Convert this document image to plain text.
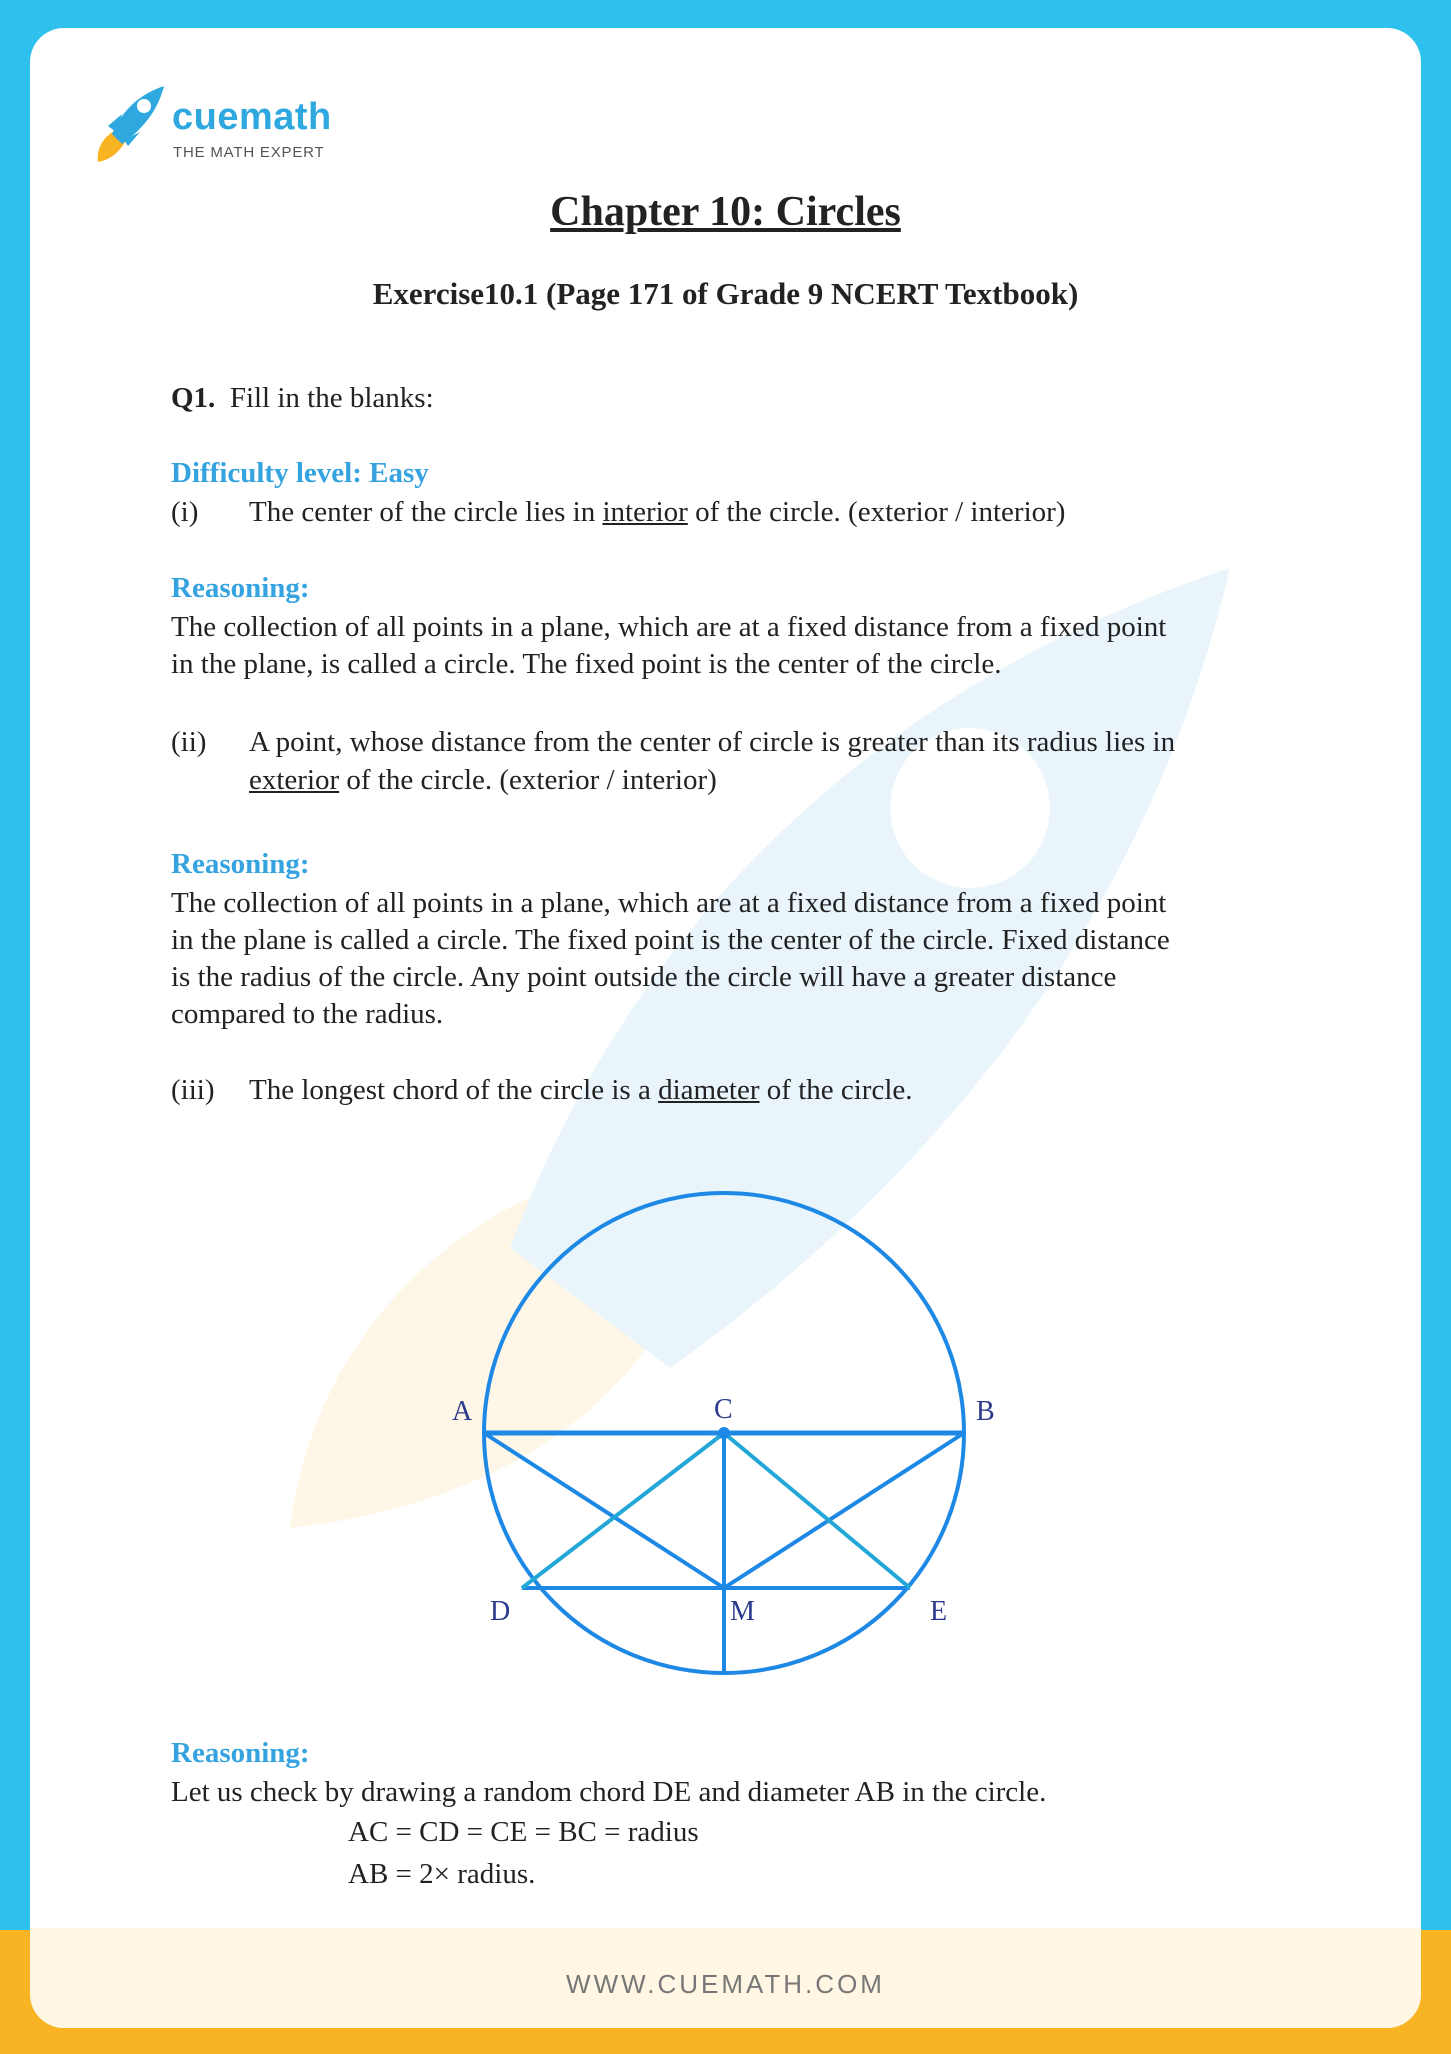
cuemath
THE MATH EXPERT
Chapter 10: Circles
Exercise10.1 (Page 171 of Grade 9 NCERT Textbook)
Q1. Fill in the blanks:
Difficulty level: Easy
(i) The center of the circle lies in interior of the circle. (exterior / interior)
Reasoning:
The collection of all points in a plane, which are at a fixed distance from a fixed point
in the plane, is called a circle. The fixed point is the center of the circle.
(ii) A point, whose distance from the center of circle is greater than its radius lies in
exterior of the circle. (exterior / interior)
Reasoning:
The collection of all points in a plane, which are at a fixed distance from a fixed point
in the plane is called a circle. The fixed point is the center of the circle. Fixed distance
is the radius of the circle. Any point outside the circle will have a greater distance
compared to the radius.
(iii) The longest chord of the circle is a diameter of the circle.
A	C	B
D	M	E
Reasoning:
Let us check by drawing a random chord DE and diameter AB in the circle.
AC = CD = CE = BC = radius
AB = 2× radius.
WWW.CUEMATH.COM
